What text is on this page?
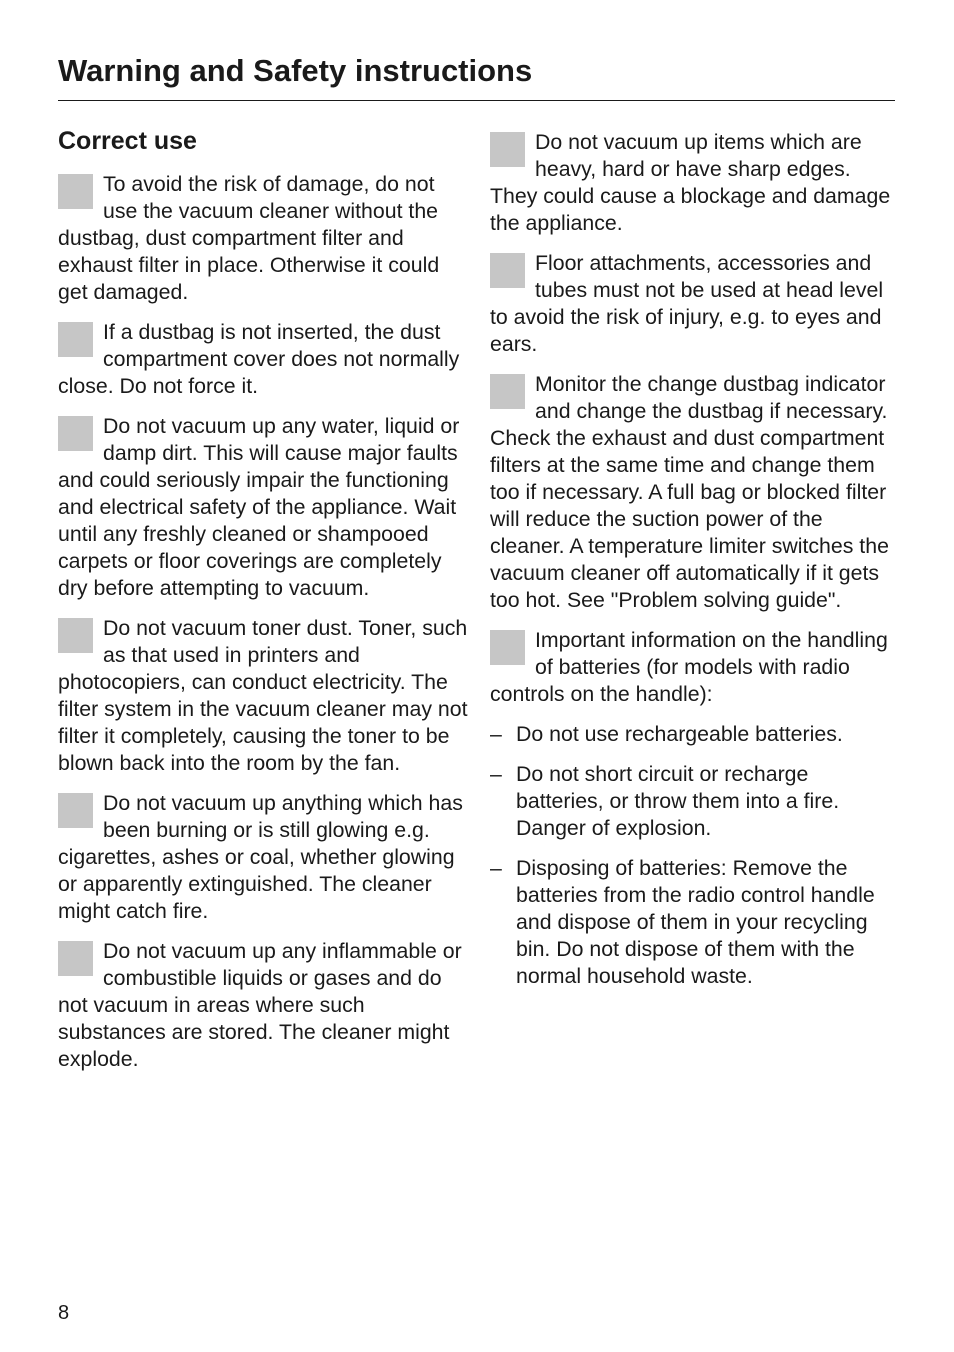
Warning and Safety instructions
Correct use

To avoid the risk of damage, do not use the vacuum cleaner without the dustbag, dust compartment filter and exhaust filter in place. Otherwise it could get damaged.

If a dustbag is not inserted, the dust compartment cover does not normally close. Do not force it.

Do not vacuum up any water, liquid or damp dirt. This will cause major faults and could seriously impair the functioning and electrical safety of the appliance. Wait until any freshly cleaned or shampooed carpets or floor coverings are completely dry before attempting to vacuum.

Do not vacuum toner dust. Toner, such as that used in printers and photocopiers, can conduct electricity. The filter system in the vacuum cleaner may not filter it completely, causing the toner to be blown back into the room by the fan.

Do not vacuum up anything which has been burning or is still glowing e.g. cigarettes, ashes or coal, whether glowing or apparently extinguished. The cleaner might catch fire.

Do not vacuum up any inflammable or combustible liquids or gases and do not vacuum in areas where such substances are stored. The cleaner might explode.

Do not vacuum up items which are heavy, hard or have sharp edges. They could cause a blockage and damage the appliance.

Floor attachments, accessories and tubes must not be used at head level to avoid the risk of injury, e.g. to eyes and ears.

Monitor the change dustbag indicator and change the dustbag if necessary. Check the exhaust and dust compartment filters at the same time and change them too if necessary. A full bag or blocked filter will reduce the suction power of the cleaner. A temperature limiter switches the vacuum cleaner off automatically if it gets too hot. See "Problem solving guide".

Important information on the handling of batteries (for models with radio controls on the handle):

– Do not use rechargeable batteries.
– Do not short circuit or recharge batteries, or throw them into a fire. Danger of explosion.
– Disposing of batteries: Remove the batteries from the radio control handle and dispose of them in your recycling bin. Do not dispose of them with the normal household waste.
8
